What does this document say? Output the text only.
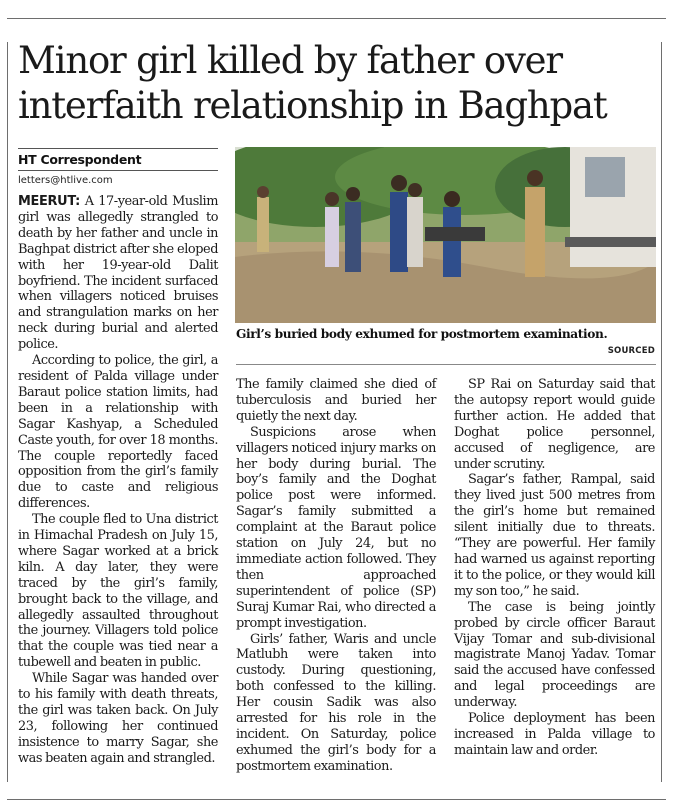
Minor girl killed by father over interfaith relationship in Baghpat
HT Correspondent
letters@htlive.com

MEERUT: A 17-year-old Muslim girl was allegedly strangled to death by her father and uncle in Baghpat district after she eloped with her 19-year-old Dalit boyfriend. The incident surfaced when villagers noticed bruises and strangulation marks on her neck during burial and alerted police.

According to police, the girl, a resident of Palda village under Baraut police station limits, had been in a relationship with Sagar Kashyap, a Scheduled Caste youth, for over 18 months. The couple reportedly faced opposition from the girl’s family due to caste and religious differences.

The couple fled to Una district in Himachal Pradesh on July 15, where Sagar worked at a brick kiln. A day later, they were traced by the girl’s family, brought back to the village, and allegedly assaulted throughout the journey. Villagers told police that the couple was tied near a tubewell and beaten in public.

While Sagar was handed over to his family with death threats, the girl was taken back. On July 23, following her continued insistence to marry Sagar, she was beaten again and strangled.

Girl’s buried body exhumed for postmortem examination.
SOURCED

The family claimed she died of tuberculosis and buried her quietly the next day.

Suspicions arose when villagers noticed injury marks on her body during burial. The boy’s family and the Doghat police post were informed. Sagar’s family submitted a complaint at the Baraut police station on July 24, but no immediate action followed. They then approached superintendent of police (SP) Suraj Kumar Rai, who directed a prompt investigation.

Girls’ father, Waris and uncle Matlubh were taken into custody. During questioning, both confessed to the killing. Her cousin Sadik was also arrested for his role in the incident. On Saturday, police exhumed the girl’s body for a postmortem examination.

SP Rai on Saturday said that the autopsy report would guide further action. He added that Doghat police personnel, accused of negligence, are under scrutiny.

Sagar’s father, Rampal, said they lived just 500 metres from the girl’s home but remained silent initially due to threats. “They are powerful. Her family had warned us against reporting it to the police, or they would kill my son too,” he said.

The case is being jointly probed by circle officer Baraut Vijay Tomar and sub-divisional magistrate Manoj Yadav. Tomar said the accused have confessed and legal proceedings are underway.

Police deployment has been increased in Palda village to maintain law and order.
